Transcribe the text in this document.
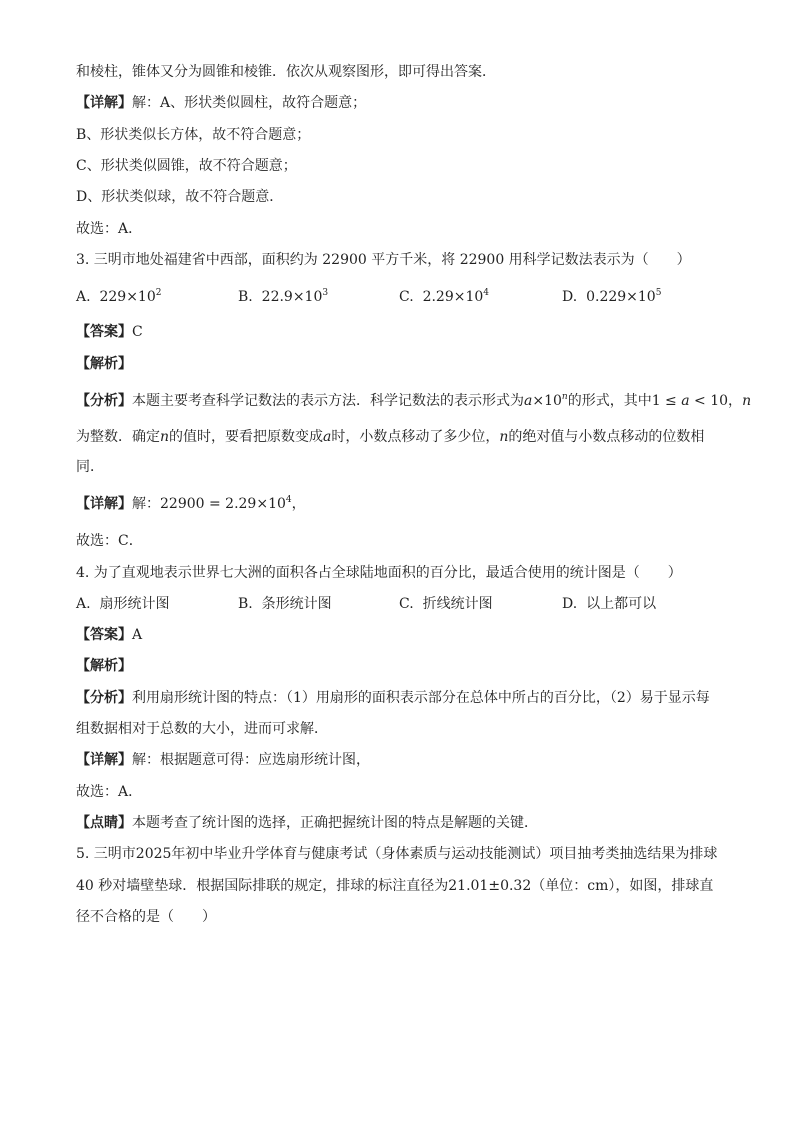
和棱柱，锥体又分为圆锥和棱锥．依次从观察图形，即可得出答案．
【详解】解：A、形状类似圆柱，故符合题意；
B、形状类似长方体，故不符合题意；
C、形状类似圆锥，故不符合题意；
D、形状类似球，故不符合题意．
故选：A．
3. 三明市地处福建省中西部，面积约为 22900 平方千米，将 22900 用科学记数法表示为（　　）
A. $229\times 10^2$	B. $22.9\times 10^3$	C. $2.29\times 10^4$	D. $0.229\times 10^5$
【答案】C
【解析】
【分析】本题主要考查科学记数法的表示方法．科学记数法的表示形式为$a\times 10^n$的形式，其中1 ≤ a < 10，n
为整数．确定n的值时，要看把原数变成a时，小数点移动了多少位，n的绝对值与小数点移动的位数相
同．
【详解】解：$22900 = 2.29\times 10^4$，
故选：C．
4. 为了直观地表示世界七大洲的面积各占全球陆地面积的百分比，最适合使用的统计图是（　　）
A. 扇形统计图	B. 条形统计图	C. 折线统计图	D. 以上都可以
【答案】A
【解析】
【分析】利用扇形统计图的特点：（1）用扇形的面积表示部分在总体中所占的百分比，（2）易于显示每
组数据相对于总数的大小，进而可求解．
【详解】解：根据题意可得：应选扇形统计图，
故选：A．
【点睛】本题考查了统计图的选择，正确把握统计图的特点是解题的关键．
5. 三明市2025年初中毕业升学体育与健康考试（身体素质与运动技能测试）项目抽考类抽选结果为排球
40 秒对墙壁垫球．根据国际排联的规定，排球的标注直径为21.01±0.32（单位：cm），如图，排球直
径不合格的是（　　）
